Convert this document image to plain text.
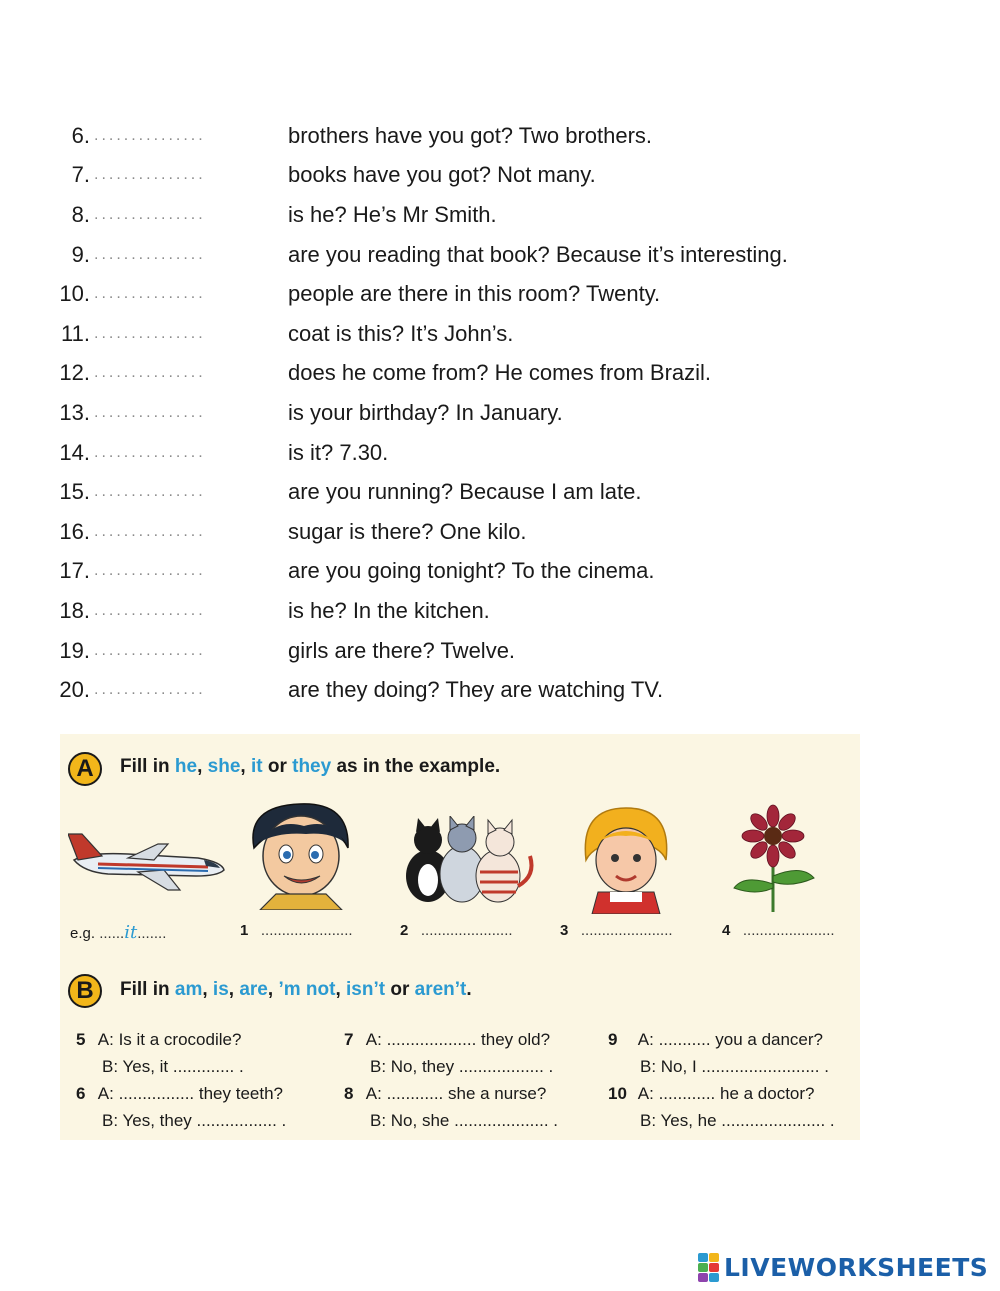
6. ...............	brothers have you got? Two brothers.
7. ...............	books have you got? Not many.
8. ...............	is he? He’s Mr Smith.
9. ...............	are you reading that book? Because it’s interesting.
10. ...............	people are there in this room? Twenty.
11. ...............	coat is this? It’s John’s.
12. ...............	does he come from? He comes from Brazil.
13. ...............	is your birthday? In January.
14. ...............	is it? 7.30.
15. ...............	are you running? Because I am late.
16. ...............	sugar is there? One kilo.
17. ...............	are you going tonight? To the cinema.
18. ...............	is he? In the kitchen.
19. ...............	girls are there? Twelve.
20. ...............	are they doing? They are watching TV.
A	Fill in he, she, it or they as in the example.
e.g. ......it.......	1 ......................	2 ......................	3 ......................	4 ......................
B	Fill in am, is, are, ’m not, isn’t or aren’t.
5 A: Is it a crocodile?
B: Yes, it ............. .
6 A: ................ they teeth?
B: Yes, they ................. .
7 A: ................... they old?
B: No, they .................. .
8 A: ............ she a nurse?
B: No, she .................... .
9 A: ........... you a dancer?
B: No, I ......................... .
10 A: ............ he a doctor?
B: Yes, he ...................... .
LIVEWORKSHEETS
